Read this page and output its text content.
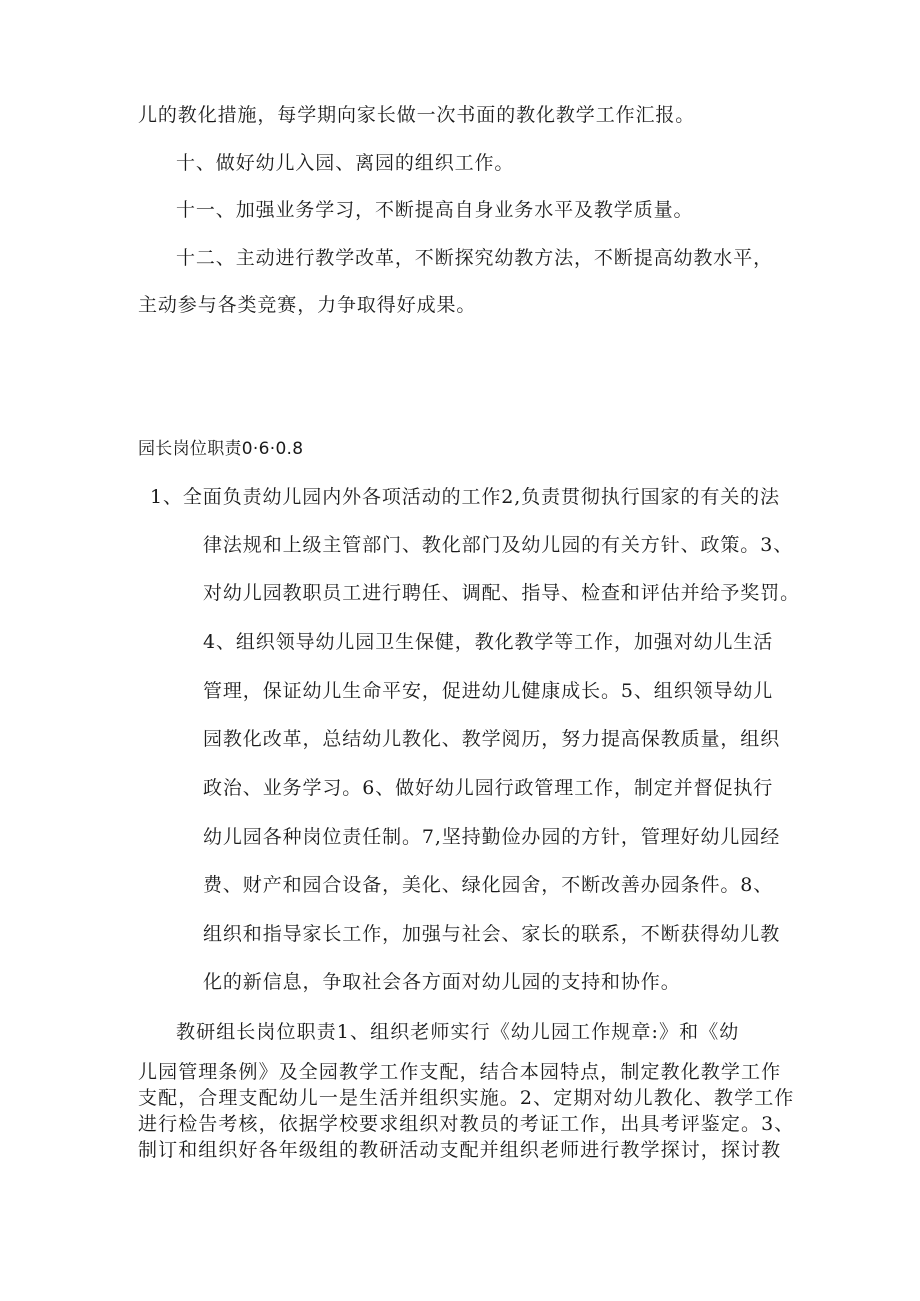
儿的教化措施，每学期向家长做一次书面的教化教学工作汇报。
十、做好幼儿入园、离园的组织工作。
十一、加强业务学习，不断提高自身业务水平及教学质量。
十二、主动进行教学改革，不断探究幼教方法，不断提高幼教水平，
主动参与各类竞赛，力争取得好成果。
园长岗位职责0·6·0.8
1、全面负责幼儿园内外各项活动的工作2,负责贯彻执行国家的有关的法
律法规和上级主管部门、教化部门及幼儿园的有关方针、政策。3、
对幼儿园教职员工进行聘任、调配、指导、检查和评估并给予奖罚。
4、组织领导幼儿园卫生保健，教化教学等工作，加强对幼儿生活
管理，保证幼儿生命平安，促进幼儿健康成长。5、组织领导幼儿
园教化改革，总结幼儿教化、教学阅历，努力提高保教质量，组织
政治、业务学习。6、做好幼儿园行政管理工作，制定并督促执行
幼儿园各种岗位责任制。7,坚持勤俭办园的方针，管理好幼儿园经
费、财产和园合设备，美化、绿化园舍，不断改善办园条件。8、
组织和指导家长工作，加强与社会、家长的联系，不断获得幼儿教
化的新信息，争取社会各方面对幼儿园的支持和协作。
教研组长岗位职责1、组织老师实行《幼儿园工作规章:》和《幼
儿园管理条例》及全园教学工作支配，结合本园特点，制定教化教学工作
支配，合理支配幼儿一是生活并组织实施。2、定期对幼儿教化、教学工作
进行检告考核，依据学校要求组织对教员的考证工作，出具考评鉴定。3、
制订和组织好各年级组的教研活动支配并组织老师进行教学探讨，探讨教
